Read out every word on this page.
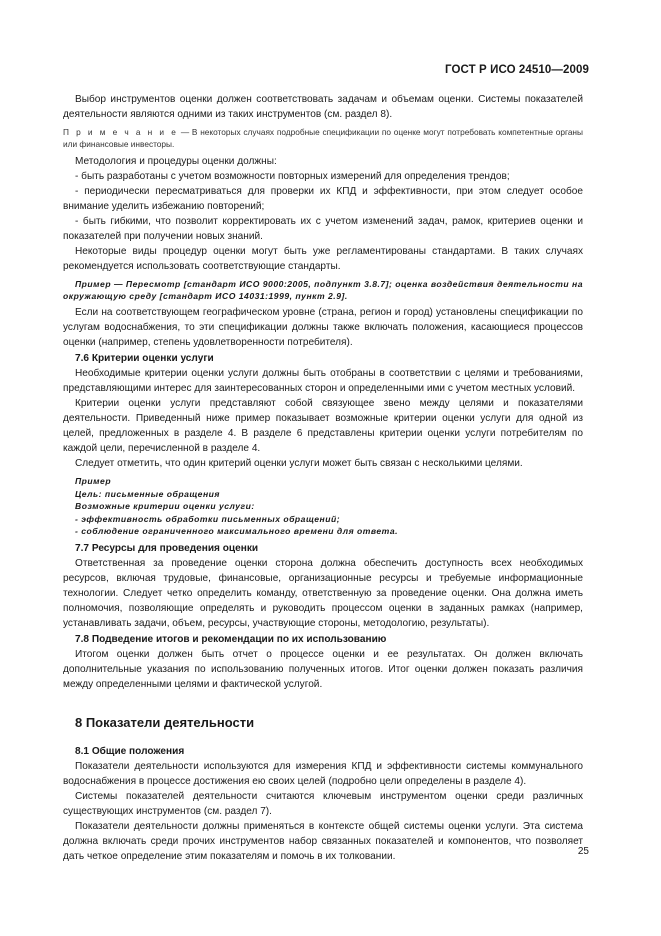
ГОСТ Р ИСО 24510—2009

Выбор инструментов оценки должен соответствовать задачам и объемам оценки. Системы показателей деятельности являются одними из таких инструментов (см. раздел 8).

П р и м е ч а н и е — В некоторых случаях подробные спецификации по оценке могут потребовать компетентные органы или финансовые инвесторы.

Методология и процедуры оценки должны:

- быть разработаны с учетом возможности повторных измерений для определения трендов;

- периодически пересматриваться для проверки их КПД и эффективности, при этом следует особое внимание уделить избежанию повторений;

- быть гибкими, что позволит корректировать их с учетом изменений задач, рамок, критериев оценки и показателей при получении новых знаний.

Некоторые виды процедур оценки могут быть уже регламентированы стандартами. В таких случаях рекомендуется использовать соответствующие стандарты.

Пример — Пересмотр [стандарт ИСО 9000:2005, подпункт 3.8.7]; оценка воздействия деятельности на окружающую среду [стандарт ИСО 14031:1999, пункт 2.9].

Если на соответствующем географическом уровне (страна, регион и город) установлены спецификации по услугам водоснабжения, то эти спецификации должны также включать положения, касающиеся процессов оценки (например, степень удовлетворенности потребителя).

7.6 Критерии оценки услуги

Необходимые критерии оценки услуги должны быть отобраны в соответствии с целями и требованиями, представляющими интерес для заинтересованных сторон и определенными ими с учетом местных условий.

Критерии оценки услуги представляют собой связующее звено между целями и показателями деятельности. Приведенный ниже пример показывает возможные критерии оценки услуги для одной из целей, предложенных в разделе 4. В разделе 6 представлены критерии оценки услуги потребителям по каждой цели, перечисленной в разделе 4.

Следует отметить, что один критерий оценки услуги может быть связан с несколькими целями.

Пример

Цель: письменные обращения

Возможные критерии оценки услуги:

- эффективность обработки письменных обращений;

- соблюдение ограниченного максимального времени для ответа.

7.7 Ресурсы для проведения оценки

Ответственная за проведение оценки сторона должна обеспечить доступность всех необходимых ресурсов, включая трудовые, финансовые, организационные ресурсы и требуемые информационные технологии. Следует четко определить команду, ответственную за проведение оценки. Она должна иметь полномочия, позволяющие определять и руководить процессом оценки в заданных рамках (например, устанавливать задачи, объем, ресурсы, участвующие стороны, методологию, результаты).

7.8 Подведение итогов и рекомендации по их использованию

Итогом оценки должен быть отчет о процессе оценки и ее результатах. Он должен включать дополнительные указания по использованию полученных итогов. Итог оценки должен показать различия между определенными целями и фактической услугой.

8 Показатели деятельности

8.1 Общие положения

Показатели деятельности используются для измерения КПД и эффективности системы коммунального водоснабжения в процессе достижения ею своих целей (подробно цели определены в разделе 4).

Системы показателей деятельности считаются ключевым инструментом оценки среди различных существующих инструментов (см. раздел 7).

Показатели деятельности должны применяться в контексте общей системы оценки услуги. Эта система должна включать среди прочих инструментов набор связанных показателей и компонентов, что позволяет дать четкое определение этим показателям и помочь в их толковании.	25
